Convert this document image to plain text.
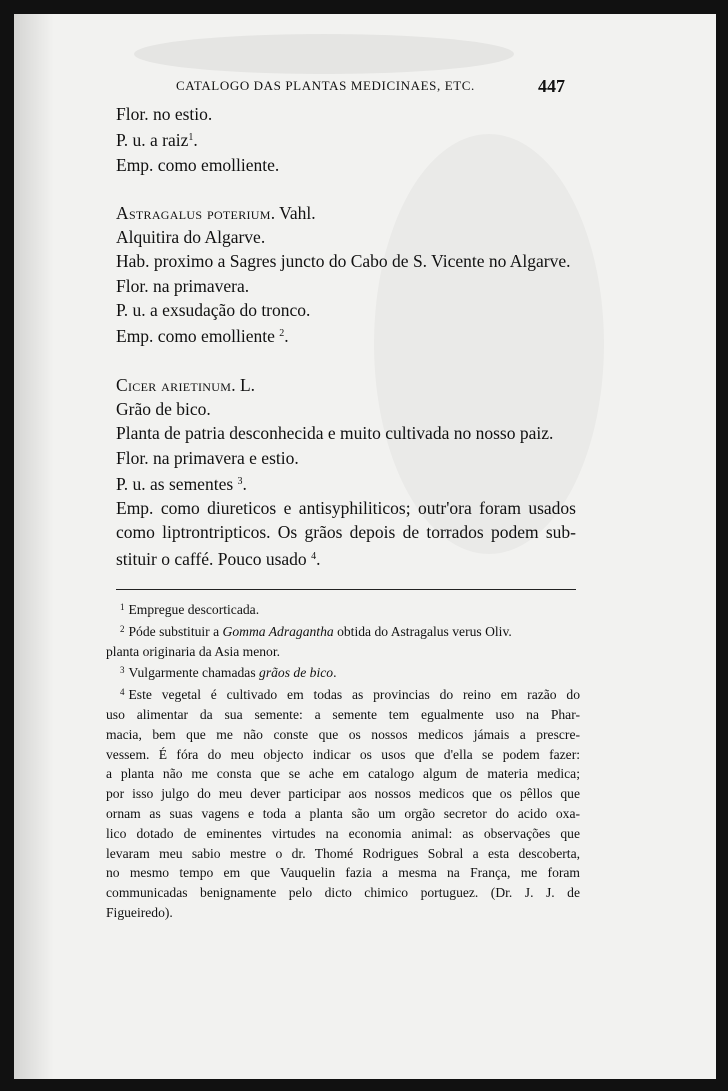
CATALOGO DAS PLANTAS MEDICINAES, ETC.	447
Flor. no estio.
P. u. a raiz$^1$.
Emp. como emolliente.
Astragalus poterium. Vahl.
Alquitira do Algarve.
Hab. proximo a Sagres juncto do Cabo de S. Vicente no Algarve.
Flor. na primavera.
P. u. a exsudação do tronco.
Emp. como emolliente $^2$.
Cicer arietinum. L.
Grão de bico.
Planta de patria desconhecida e muito cultivada no nosso paiz.
Flor. na primavera e estio.
P. u. as sementes $^3$.
Emp. como diureticos e antisyphiliticos; outr'ora foram usados
como liptrontripticos. Os grãos depois de torrados podem sub-
stituir o caffé. Pouco usado $^4$.
$^1$ Empregue descorticada.
$^2$ Póde substituir a Gomma Adragantha obtida do Astragalus verus Oliv.
planta originaria da Asia menor.
$^3$ Vulgarmente chamadas grãos de bico.
$^4$ Este vegetal é cultivado em todas as provincias do reino em razão do
uso alimentar da sua semente: a semente tem egualmente uso na Phar-
macia, bem que me não conste que os nossos medicos jámais a prescre-
vessem. É fóra do meu objecto indicar os usos que d'ella se podem fazer:
a planta não me consta que se ache em catalogo algum de materia medica;
por isso julgo do meu dever participar aos nossos medicos que os pêllos que
ornam as suas vagens e toda a planta são um orgão secretor do acido oxa-
lico dotado de eminentes virtudes na economia animal: as observações que
levaram meu sabio mestre o dr. Thomé Rodrigues Sobral a esta descoberta,
no mesmo tempo em que Vauquelin fazia a mesma na França, me foram
communicadas benignamente pelo dicto chimico portuguez. (Dr. J. J. de
Figueiredo).
